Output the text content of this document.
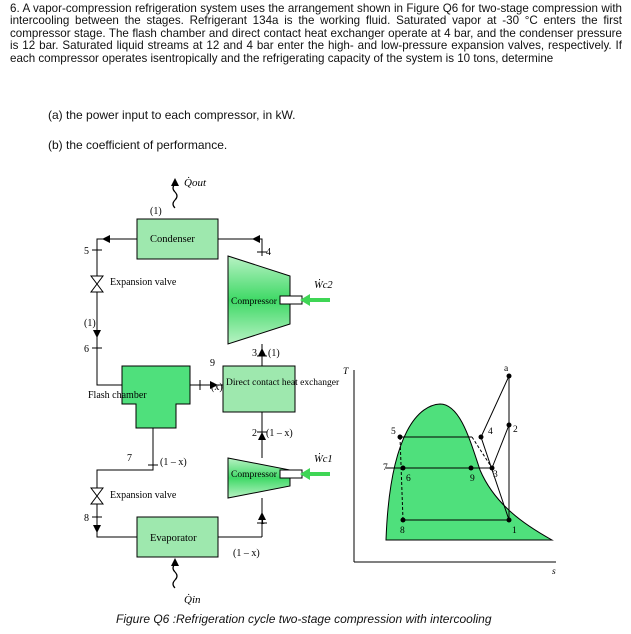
6. A vapor-compression refrigeration system uses the arrangement shown in Figure Q6 for two-stage compression with intercooling between the stages. Refrigerant 134a is the working fluid. Saturated vapor at -30 °C enters the first compressor stage. The flash chamber and direct contact heat exchanger operate at 4 bar, and the condenser pressure is 12 bar. Saturated liquid streams at 12 and 4 bar enter the high- and low-pressure expansion valves, respectively. If each compressor operates isentropically and the refrigerating capacity of the system is 10 tons, determine
(a) the power input to each compressor, in kW.
(b) the coefficient of performance.
Q̇out
(1)
Condenser
5	4
6	3 (1)
9
(x)
2 (1 – x)
7	(1 – x)
8	1
(1 – x)
(1)
Expansion valve
Compressor
Ẇc2
Flash chamber
Direct contact heat exchanger
Compressor
Ẇc1
Expansion valve
Evaporator
Q̇in
T
s
a
4
5	2
3
7
6	9
8	1
Figure Q6 :Refrigeration cycle two-stage compression with intercooling
